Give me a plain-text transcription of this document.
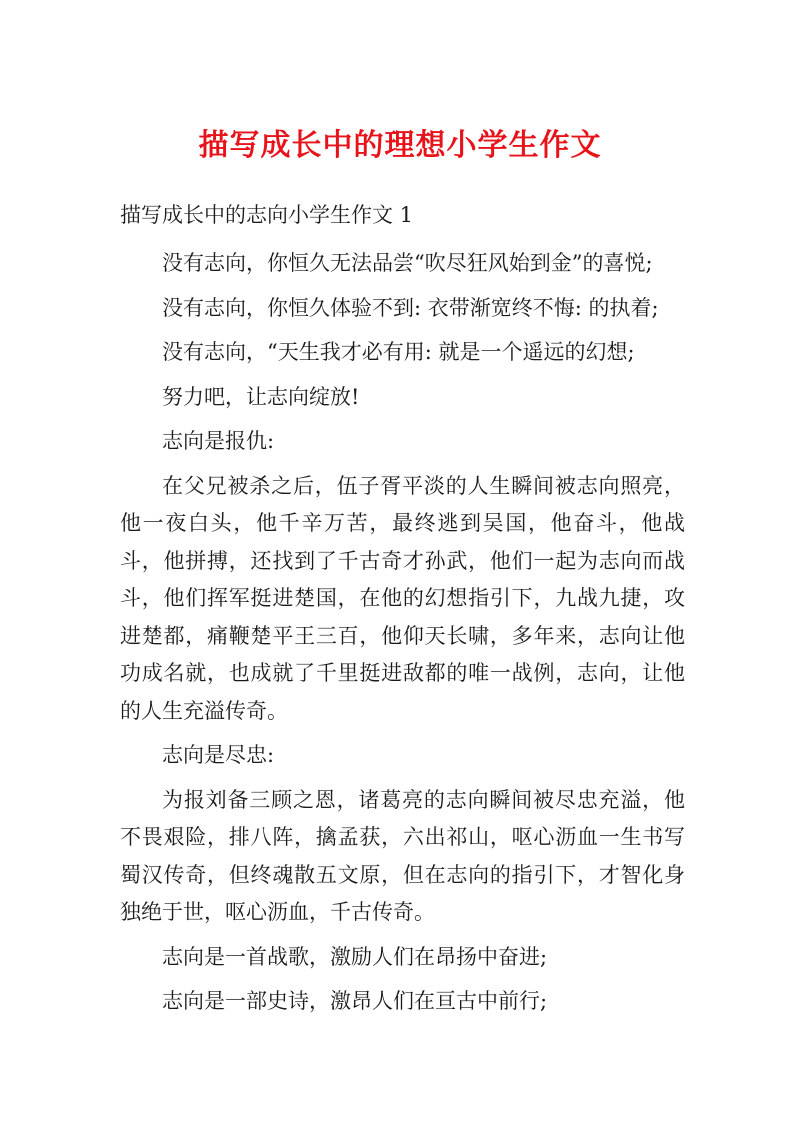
描写成长中的理想小学生作文

描写成长中的志向小学生作文 1

没有志向，你恒久无法品尝“吹尽狂风始到金”的喜悦;

没有志向，你恒久体验不到: 衣带渐宽终不悔: 的执着;

没有志向，“天生我才必有用: 就是一个遥远的幻想;

努力吧，让志向绽放!

志向是报仇:

在父兄被杀之后，伍子胥平淡的人生瞬间被志向照亮，他一夜白头，他千辛万苦，最终逃到吴国，他奋斗，他战斗，他拼搏，还找到了千古奇才孙武，他们一起为志向而战斗，他们挥军挺进楚国，在他的幻想指引下，九战九捷，攻进楚都，痛鞭楚平王三百，他仰天长啸，多年来，志向让他功成名就，也成就了千里挺进敌都的唯一战例，志向，让他的人生充溢传奇。

志向是尽忠:

为报刘备三顾之恩，诸葛亮的志向瞬间被尽忠充溢，他不畏艰险，排八阵，擒孟获，六出祁山，呕心沥血一生书写蜀汉传奇，但终魂散五文原，但在志向的指引下，才智化身独绝于世，呕心沥血，千古传奇。

志向是一首战歌，激励人们在昂扬中奋进;

志向是一部史诗，激昂人们在亘古中前行;
